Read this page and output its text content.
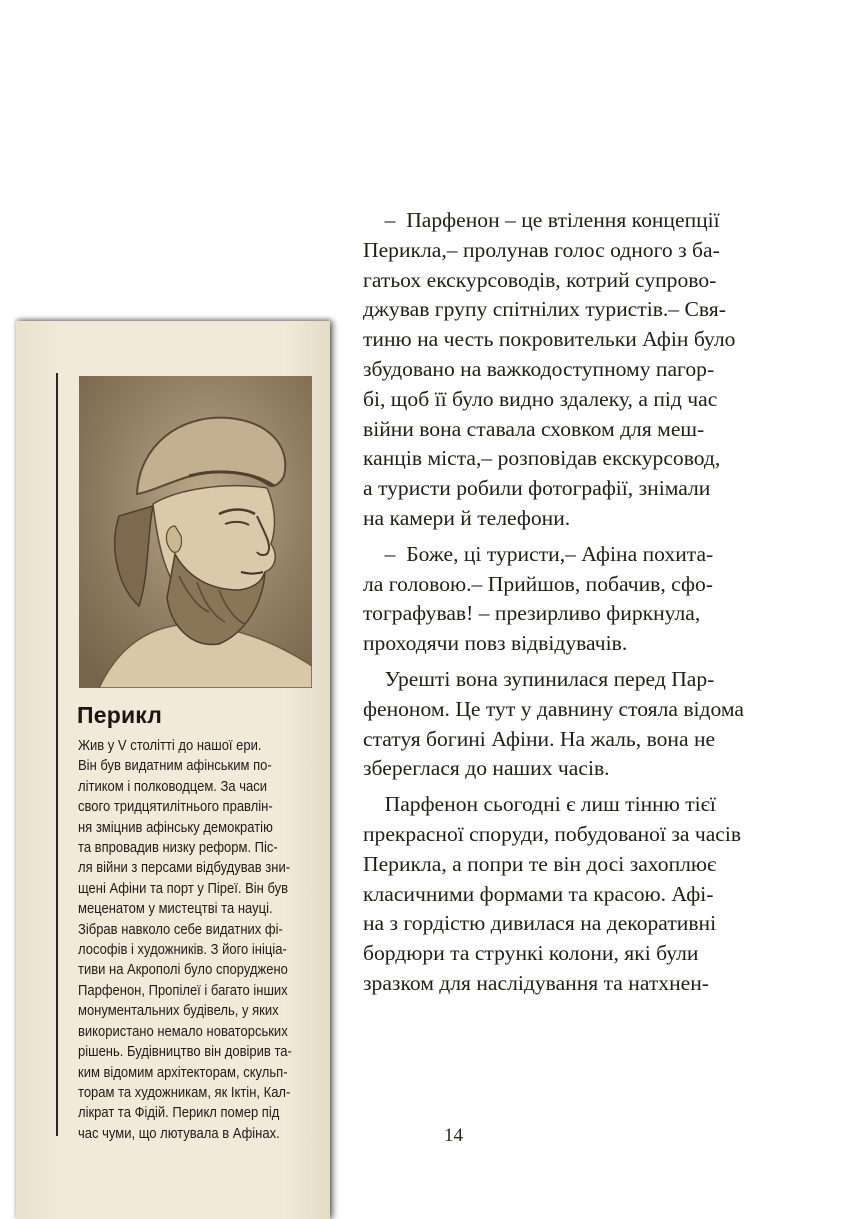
Перикл
Жив у V столітті до нашої ери.
Він був видатним афінським по-
літиком і полководцем. За часи
свого тридцятилітнього правлін-
ня зміцнив афінську демократію
та впровадив низку реформ. Піс-
ля війни з персами відбудував зни-
щені Афіни та порт у Піреї. Він був
меценатом у мистецтві та науці.
Зібрав навколо себе видатних фі-
лософів і художників. З його ініціа-
тиви на Акрополі було споруджено
Парфенон, Пропілеї і багато інших
монументальних будівель, у яких
використано немало новаторських
рішень. Будівництво він довірив та-
ким відомим архітекторам, скульп-
торам та художникам, як Іктін, Кал-
лікрат та Фідій. Перикл помер під
час чуми, що лютувала в Афінах.
–  Парфенон – це втілення концепції
Перикла,– пролунав голос одного з ба-
гатьох екскурсоводів, котрий супрово-
джував групу спітнілих туристів.– Свя-
тиню на честь покровительки Афін було
збудовано на важкодоступному пагор-
бі, щоб її було видно здалеку, а під час
війни вона ставала сховком для меш-
канців міста,– розповідав екскурсовод,
а туристи робили фотографії, знімали
на камери й телефони.
–  Боже, ці туристи,– Афіна похита-
ла головою.– Прийшов, побачив, сфо-
тографував! – презирливо фиркнула,
проходячи повз відвідувачів.
Урешті вона зупинилася перед Пар-
феноном. Це тут у давнину стояла відома
статуя богині Афіни. На жаль, вона не
збереглася до наших часів.
Парфенон сьогодні є лиш тінню тієї
прекрасної споруди, побудованої за часів
Перикла, а попри те він досі захоплює
класичними формами та красою. Афі-
на з гордістю дивилася на декоративні
бордюри та стрункі колони, які були
зразком для наслідування та натхнен-
14
